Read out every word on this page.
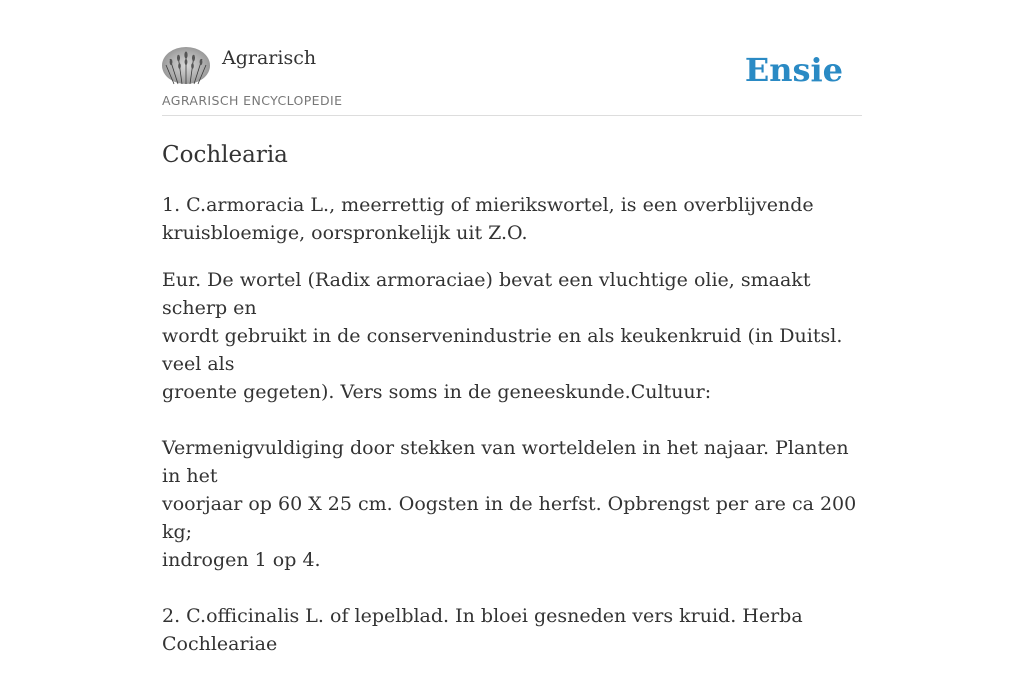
Agrarisch
AGRARISCH ENCYCLOPEDIE
Ensie
Cochlearia
1. C.armoracia L., meerrettig of mierikswortel, is een overblijvende
kruisbloemige, oorspronkelijk uit Z.O.
Eur. De wortel (Radix armoraciae) bevat een vluchtige olie, smaakt scherp en
wordt gebruikt in de conservenindustrie en als keukenkruid (in Duitsl. veel als
groente gegeten). Vers soms in de geneeskunde.Cultuur:
Vermenigvuldiging door stekken van worteldelen in het najaar. Planten in het
voorjaar op 60 X 25 cm. Oogsten in de herfst. Opbrengst per are ca 200 kg;
indrogen 1 op 4.
2. C.officinalis L. of lepelblad. In bloei gesneden vers kruid. Herba Cochleariae
